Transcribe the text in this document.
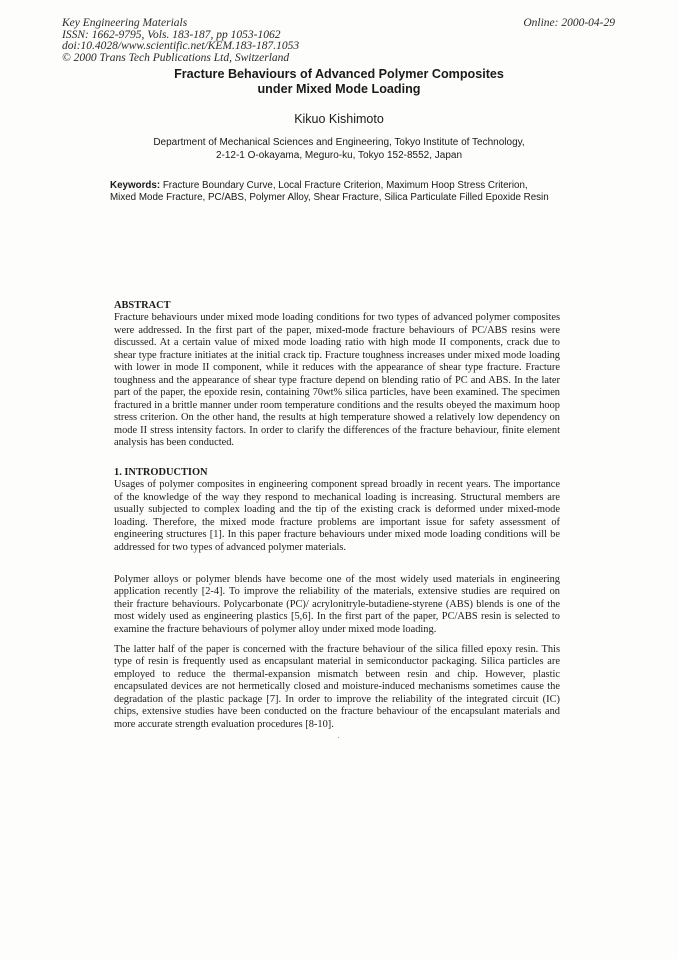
Key Engineering Materials
ISSN: 1662-9795, Vols. 183-187, pp 1053-1062
doi:10.4028/www.scientific.net/KEM.183-187.1053
© 2000 Trans Tech Publications Ltd, Switzerland
Online: 2000-04-29
Fracture Behaviours of Advanced Polymer Composites
under Mixed Mode Loading
Kikuo Kishimoto
Department of Mechanical Sciences and Engineering, Tokyo Institute of Technology,
2-12-1 O-okayama, Meguro-ku, Tokyo 152-8552, Japan
Keywords: Fracture Boundary Curve, Local Fracture Criterion, Maximum Hoop Stress Criterion, Mixed Mode Fracture, PC/ABS, Polymer Alloy, Shear Fracture, Silica Particulate Filled Epoxide Resin
ABSTRACT

Fracture behaviours under mixed mode loading conditions for two types of advanced polymer composites were addressed. In the first part of the paper, mixed-mode fracture behaviours of PC/ABS resins were discussed. At a certain value of mixed mode loading ratio with high mode II components, crack due to shear type fracture initiates at the initial crack tip. Fracture toughness increases under mixed mode loading with lower in mode II component, while it reduces with the appearance of shear type fracture. Fracture toughness and the appearance of shear type fracture depend on blending ratio of PC and ABS. In the later part of the paper, the epoxide resin, containing 70wt% silica particles, have been examined. The specimen fractured in a brittle manner under room temperature conditions and the results obeyed the maximum hoop stress criterion. On the other hand, the results at high temperature showed a relatively low dependency on mode II stress intensity factors. In order to clarify the differences of the fracture behaviour, finite element analysis has been conducted.

1. INTRODUCTION

Usages of polymer composites in engineering component spread broadly in recent years. The importance of the knowledge of the way they respond to mechanical loading is increasing. Structural members are usually subjected to complex loading and the tip of the existing crack is deformed under mixed-mode loading. Therefore, the mixed mode fracture problems are important issue for safety assessment of engineering structures [1]. In this paper fracture behaviours under mixed mode loading conditions will be addressed for two types of advanced polymer materials.

Polymer alloys or polymer blends have become one of the most widely used materials in engineering application recently [2-4]. To improve the reliability of the materials, extensive studies are required on their fracture behaviours. Polycarbonate (PC)/ acrylonitryle-butadiene-styrene (ABS) blends is one of the most widely used as engineering plastics [5,6]. In the first part of the paper, PC/ABS resin is selected to examine the fracture behaviours of polymer alloy under mixed mode loading.

The latter half of the paper is concerned with the fracture behaviour of the silica filled epoxy resin. This type of resin is frequently used as encapsulant material in semiconductor packaging. Silica particles are employed to reduce the thermal-expansion mismatch between resin and chip. However, plastic encapsulated devices are not hermetically closed and moisture-induced mechanisms sometimes cause the degradation of the plastic package [7]. In order to improve the reliability of the integrated circuit (IC) chips, extensive studies have been conducted on the fracture behaviour of the encapsulant materials and more accurate strength evaluation procedures [8-10].
